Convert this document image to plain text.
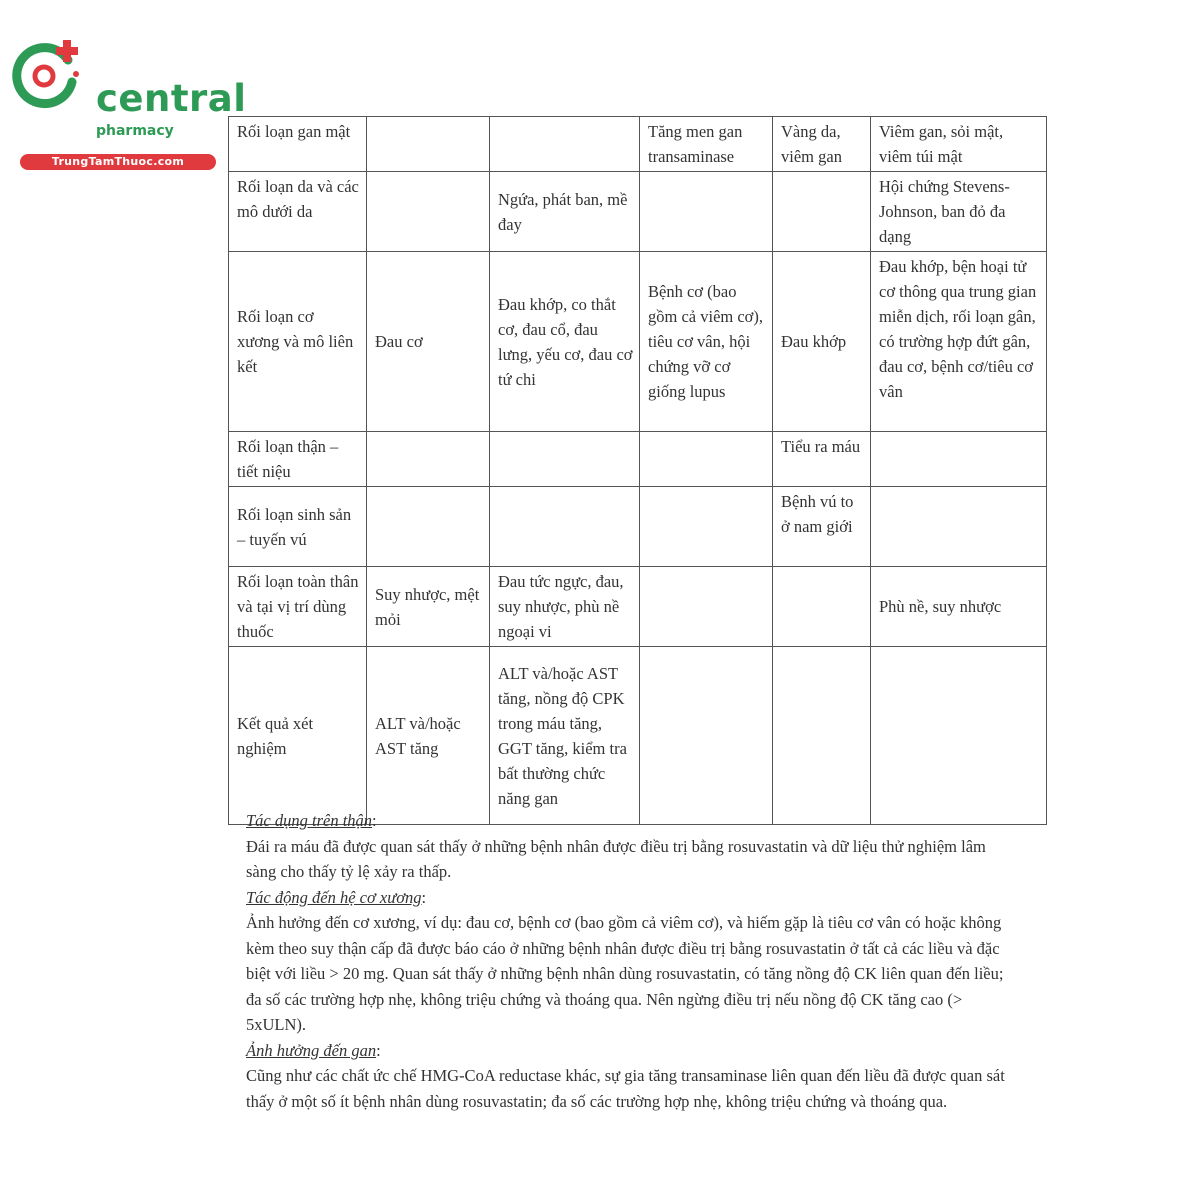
central
pharmacy
TrungTamThuoc.com
Rối loạn gan mật			Tăng men gan transaminase	Vàng da, viêm gan	Viêm gan, sỏi mật, viêm túi mật
Rối loạn da và các mô dưới da		Ngứa, phát ban, mề đay			Hội chứng Stevens-Johnson, ban đỏ đa dạng
Rối loạn cơ xương và mô liên kết	Đau cơ	Đau khớp, co thắt cơ, đau cổ, đau lưng, yếu cơ, đau cơ tứ chi	Bệnh cơ (bao gồm cả viêm cơ), tiêu cơ vân, hội chứng vỡ cơ giống lupus	Đau khớp	Đau khớp, bện hoại tử cơ thông qua trung gian miễn dịch, rối loạn gân, có trường hợp đứt gân, đau cơ, bệnh cơ/tiêu cơ vân
Rối loạn thận – tiết niệu				Tiểu ra máu	
Rối loạn sinh sản – tuyến vú				Bệnh vú to ở nam giới	
Rối loạn toàn thân và tại vị trí dùng thuốc	Suy nhược, mệt mỏi	Đau tức ngực, đau, suy nhược, phù nề ngoại vi			Phù nề, suy nhược
Kết quả xét nghiệm	ALT và/hoặc AST tăng	ALT và/hoặc AST tăng, nồng độ CPK trong máu tăng, GGT tăng, kiểm tra bất thường chức năng gan			

Tác dụng trên thận:

Đái ra máu đã được quan sát thấy ở những bệnh nhân được điều trị bằng rosuvastatin và dữ liệu thử nghiệm lâm sàng cho thấy tỷ lệ xảy ra thấp.

Tác động đến hệ cơ xương:

Ảnh hưởng đến cơ xương, ví dụ: đau cơ, bệnh cơ (bao gồm cả viêm cơ), và hiếm gặp là tiêu cơ vân có hoặc không kèm theo suy thận cấp đã được báo cáo ở những bệnh nhân được điều trị bằng rosuvastatin ở tất cả các liều và đặc biệt với liều > 20 mg. Quan sát thấy ở những bệnh nhân dùng rosuvastatin, có tăng nồng độ CK liên quan đến liều; đa số các trường hợp nhẹ, không triệu chứng và thoáng qua. Nên ngừng điều trị nếu nồng độ CK tăng cao (> 5xULN).

Ảnh hưởng đến gan:

Cũng như các chất ức chế HMG-CoA reductase khác, sự gia tăng transaminase liên quan đến liều đã được quan sát thấy ở một số ít bệnh nhân dùng rosuvastatin; đa số các trường hợp nhẹ, không triệu chứng và thoáng qua.
